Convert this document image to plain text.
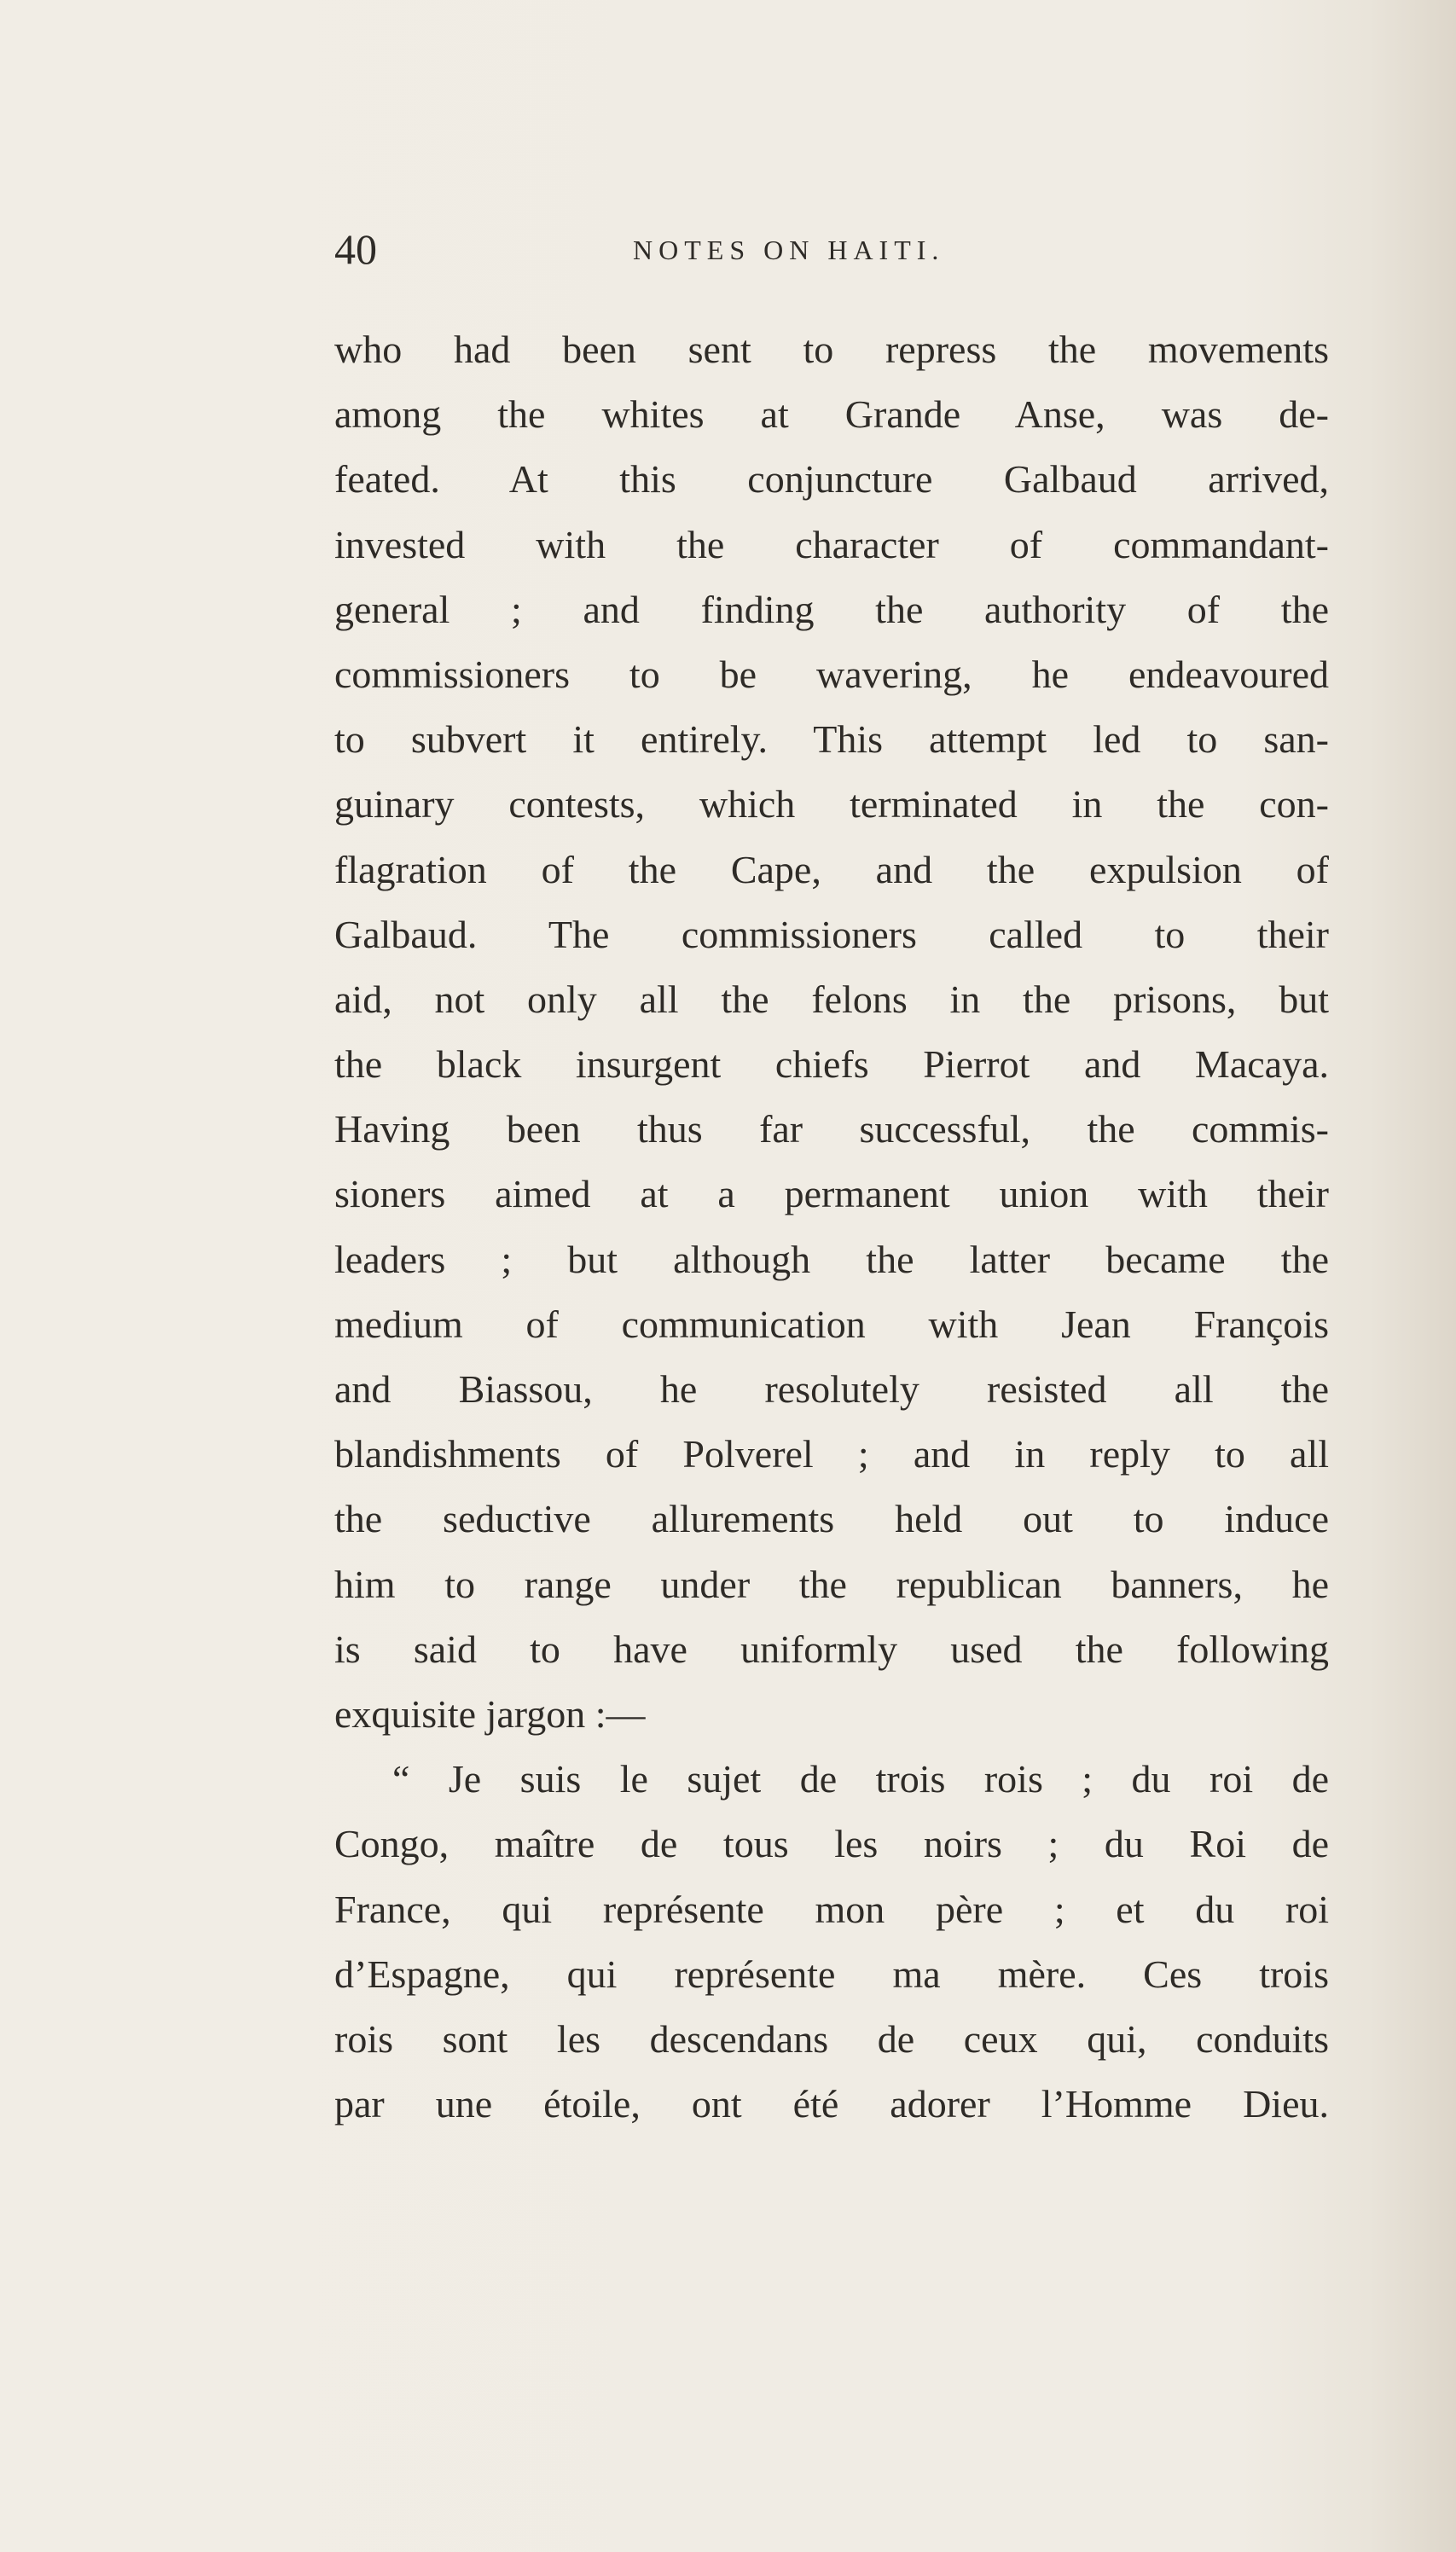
40	NOTES ON HAITI.
who had been sent to repress the movements
among the whites at Grande Anse, was de-
feated. At this conjuncture Galbaud arrived,
invested with the character of commandant-
general ; and finding the authority of the
commissioners to be wavering, he endeavoured
to subvert it entirely. This attempt led to san-
guinary contests, which terminated in the con-
flagration of the Cape, and the expulsion of
Galbaud. The commissioners called to their
aid, not only all the felons in the prisons, but
the black insurgent chiefs Pierrot and Macaya.
Having been thus far successful, the commis-
sioners aimed at a permanent union with their
leaders ; but although the latter became the
medium of communication with Jean François
and Biassou, he resolutely resisted all the
blandishments of Polverel ; and in reply to all
the seductive allurements held out to induce
him to range under the republican banners, he
is said to have uniformly used the following
exquisite jargon :—
“ Je suis le sujet de trois rois ; du roi de
Congo, maître de tous les noirs ; du Roi de
France, qui représente mon père ; et du roi
d’Espagne, qui représente ma mère. Ces trois
rois sont les descendans de ceux qui, conduits
par une étoile, ont été adorer l’Homme Dieu.
